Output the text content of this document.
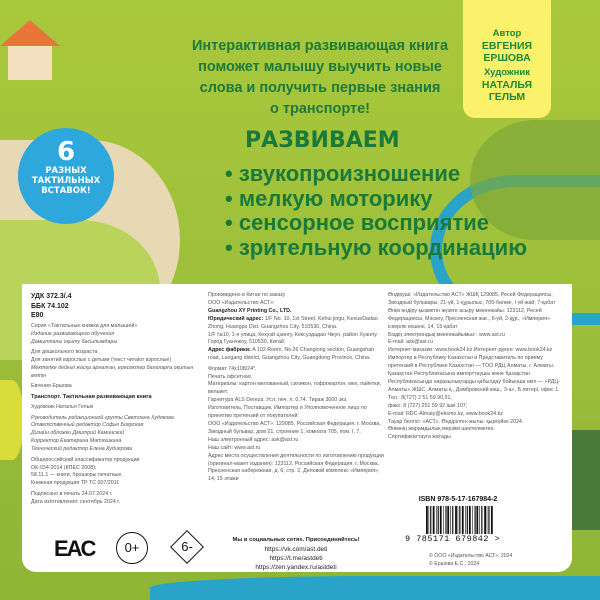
Интерактивная развивающая книга
поможет малышу выучить новые
слова и получить первые знания
о транспорте!
Автор
ЕВГЕНИЯ
ЕРШОВА
Художник
НАТАЛЬЯ
ГЕЛЬМ
6
РАЗНЫХ
ТАКТИЛЬНЫХ
ВСТАВОК!
РАЗВИВАЕМ
• звукопроизношение
• мелкую моторику
• сенсорное восприятие
• зрительную координацию

УДК 372.3/.4
ББК 74.102
Е80

Серия «Тактильные книжки для малышей»
Издание развивающего обучения
Дамытпалы оқыту басылымдары

Для дошкольного возраста
Для занятий взрослых с детьми (текст читают взрослые)
Мектепке дейінгі жасқа арналған, ересектер балаларға оқитын мәтін

Евгения Ершова

Транспорт. Тактильная развивающая книга

Художник Наталья Гельм

Руководитель редакционной группы Светлана Худякова
Ответственный редактор Софья Боярская
Дизайн обложки Дмитрий Каминский
Корректор Екатерина Матюшкина
Технический редактор Елена Кудиярова

Общероссийский классификатор продукции
ОК-034-2014 (КПЕС 2008);
58.11.1 — книги, брошюры печатные.
Книжная продукция ТР ТС 007/2011

Подписано в печать 24.07.2024 г.
Дата изготовления: сентябрь 2024 г.

EAC	0+	6-

Произведено в Китае по заказу
ООО «Издательство АСТ»:
Guangzhou XY Printing Co., LTD.
Юридический адрес: 1/F No. 10, 1st Street, Kehui jingu, KexueDadao Zhong, Huangpu Dist. Guangzhou City, 510530, China.
1/F №10, 1-я улица, Кехуэй цзингу, Кексуэдадао Чжун, район Хуанпу. Город Гуанчжоу, 510530, Китай.
Адрес фабрики: A 102 Room, No.26 Changlong section, Guangshan road, Luogang district, Guangzhou City, Guangdong Province, China.

Формат 74x108/24*.
Печать офсетная.
Материалы: картон мелованный, силикон, гофрокартон, мех, пайетки, вельвет.
Гарнитура ALS Dereza. Усл. печ. л. 0,74. Тираж 3000 экз.
Изготовитель, Поставщик, Импортер и Уполномоченное лицо по принятию претензий от покупателей:
ООО «Издательство АСТ». 129085, Российская Федерация, г. Москва, Звездный бульвар, дом 21, строение 1, комната 705, пом. I, 7.
Наш электронный адрес: ask@ast.ru
Наш сайт: www.ast.ru
Адрес места осуществления деятельности по изготовлению продукции (оригинал-макет издания): 123112, Российская Федерация, г. Москва, Пресненская набережная, д. 6, стр. 2, Деловой комплекс «Империя», 14, 15 этажи

Мы в социальных сетях. Присоединяйтесь!
https://vk.com/ast.deti
https://t.me/astdeti
https://zen.yandex.ru/astdeti

Өндіруші: «Издательство АСТ» ЖШҚ 129085, Ресей Федерациясы, Звёздный бульвары, 21-үй, 1-құрылыс, 705-бөлме, I үй-жай, 7-қабат
Өнім өндіру қызметін жүзеге асыру мекенжайы: 123112, Ресей Федерациясы, Мәскеу, Пресненская жағ., 6-үй, 2-құр., «Империя» іскерлік кешені, 14, 15-қабат
Біздің электрондық мекенжайымыз : www.ast.ru
E-mail: ask@ast.ru
Интернет-магазин: www.book24.kz Интернет-дүкен: www.book24.kz
Импортер в Республику Казахстан и Представитель по приему претензий в Республике Казахстан — ТОО РДЦ Алматы, г. Алматы.
Қазақстан Республикасына импорттаушы және Қазақстан Республикасында наразылықтарды қабылдау бойынша өкіл — «РДЦ-Алматы» ЖШС, Алматы қ., Домбровский көш., 3-а», Б литері, офис 1.
Тел.: 8(727) 2 51 59 90,91,
факс: 8 (727) 251 59 92 ішкі 107;
E-mail: RDC-Almaty@eksmo.kz, www.book24.kz
Тауар белгісі: «АСТ». Өндірілген жылы: қыркүйек 2024.
Өнімнің жарамдылық мерзімі шектелмеген.
Сертификаттауға жатады

ISBN 978-5-17-167984-2
9 785171 679842 >
© ООО «Издательство АСТ», 2024
© Ершова Е.С., 2024
